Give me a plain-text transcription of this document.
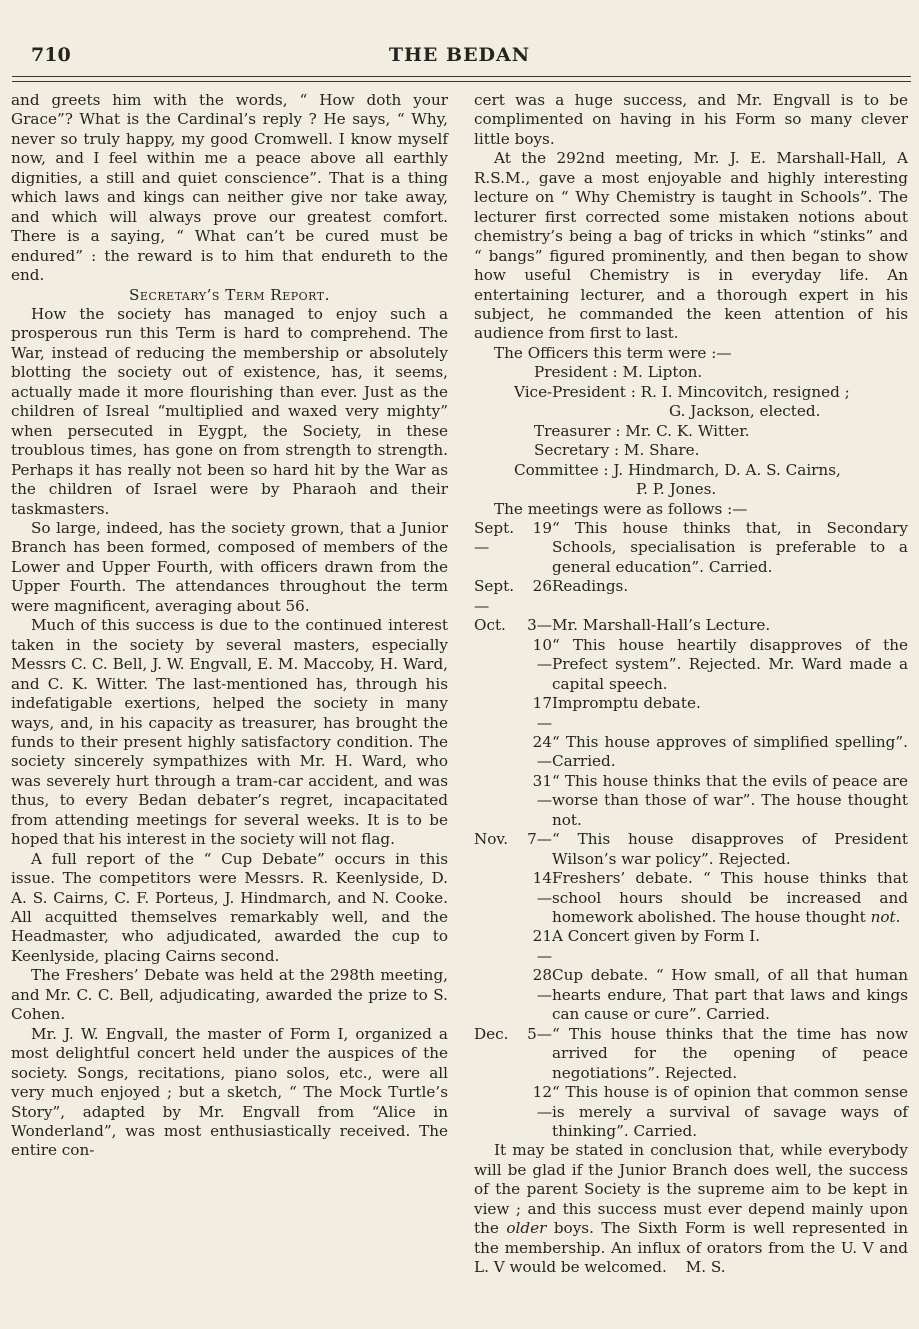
710	THE BEDAN

and greets him with the words, “ How doth your Grace”? What is the Cardinal’s reply ? He says, “ Why, never so truly happy, my good Cromwell. I know myself now, and I feel within me a peace above all earthly dignities, a still and quiet conscience”. That is a thing which laws and kings can neither give nor take away, and which will always prove our greatest comfort. There is a saying, “ What can’t be cured must be endured” : the reward is to him that endureth to the end.

Secretary’s Term Report.

How the society has managed to enjoy such a prosperous run this Term is hard to comprehend. The War, instead of reducing the membership or absolutely blotting the society out of existence, has, it seems, actually made it more flourishing than ever. Just as the children of Isreal “multiplied and waxed very mighty” when persecuted in Eygpt, the Society, in these troublous times, has gone on from strength to strength. Perhaps it has really not been so hard hit by the War as the children of Israel were by Pharaoh and their taskmasters.

So large, indeed, has the society grown, that a Junior Branch has been formed, composed of members of the Lower and Upper Fourth, with officers drawn from the Upper Fourth. The attendances throughout the term were magnificent, averaging about 56.

Much of this success is due to the continued interest taken in the society by several masters, especially Messrs C. C. Bell, J. W. Engvall, E. M. Maccoby, H. Ward, and C. K. Witter. The last-mentioned has, through his indefatigable exertions, helped the society in many ways, and, in his capacity as treasurer, has brought the funds to their present highly satisfactory condition. The society sincerely sympathizes with Mr. H. Ward, who was severely hurt through a tram-car accident, and was thus, to every Bedan debater’s regret, incapacitated from attending meetings for several weeks. It is to be hoped that his interest in the society will not flag.

A full report of the “ Cup Debate” occurs in this issue. The competitors were Messrs. R. Keenlyside, D. A. S. Cairns, C. F. Porteus, J. Hindmarch, and N. Cooke. All acquitted themselves remarkably well, and the Headmaster, who adjudicated, awarded the cup to Keenlyside, placing Cairns second.

The Freshers’ Debate was held at the 298th meeting, and Mr. C. C. Bell, adjudicating, awarded the prize to S. Cohen.

Mr. J. W. Engvall, the master of Form I, organized a most delightful concert held under the auspices of the society. Songs, recitations, piano solos, etc., were all very much enjoyed ; but a sketch, “ The Mock Turtle’s Story”, adapted by Mr. Engvall from “Alice in Wonderland”, was most enthusiastically received. The entire con-

cert was a huge success, and Mr. Engvall is to be complimented on having in his Form so many clever little boys.

At the 292nd meeting, Mr. J. E. Marshall-Hall, A R.S.M., gave a most enjoyable and highly interesting lecture on “ Why Chemistry is taught in Schools”. The lecturer first corrected some mistaken notions about chemistry’s being a bag of tricks in which “stinks” and “ bangs” figured prominently, and then began to show how useful Chemistry is in everyday life. An entertaining lecturer, and a thorough expert in his subject, he commanded the keen attention of his audience from first to last.

The Officers this term were :—

President : M. Lipton.

Vice-President : R. I. Mincovitch, resigned ;
G. Jackson, elected.

Treasurer : Mr. C. K. Witter.

Secretary : M. Share.

Committee : J. Hindmarch, D. A. S. Cairns,
P. P. Jones.

The meetings were as follows :—

Sept. 19—
“ This house thinks that, in Secondary Schools, specialisation is preferable to a general education”. Carried.
Sept. 26—
Readings.
Oct.	3— Mr. Marshall-Hall’s Lecture.
10—
“ This house heartily disapproves of the Prefect system”. Rejected. Mr. Ward made a capital speech.
17—
Impromptu debate.
24—
“ This house approves of simplified spelling”. Carried.
31—
“ This house thinks that the evils of peace are worse than those of war”. The house thought not.
Nov.	7— “ This house disapproves of President Wilson’s war policy”. Rejected.
14—
Freshers’ debate. “ This house thinks that school hours should be increased and homework abolished. The house thought not.
21—
A Concert given by Form I.
28—
Cup debate. “ How small, of all that human hearts endure, That part that laws and kings can cause or cure”. Carried.
Dec.	5— “ This house thinks that the time has now arrived for the opening of peace negotiations”. Rejected.
12—
“ This house is of opinion that common sense is merely a survival of savage ways of thinking”. Carried.

It may be stated in conclusion that, while everybody will be glad if the Junior Branch does well, the success of the parent Society is the supreme aim to be kept in view ; and this success must ever depend mainly upon the older boys. The Sixth Form is well represented in the membership. An influx of orators from the U. V and L. V would be welcomed. M. S.
